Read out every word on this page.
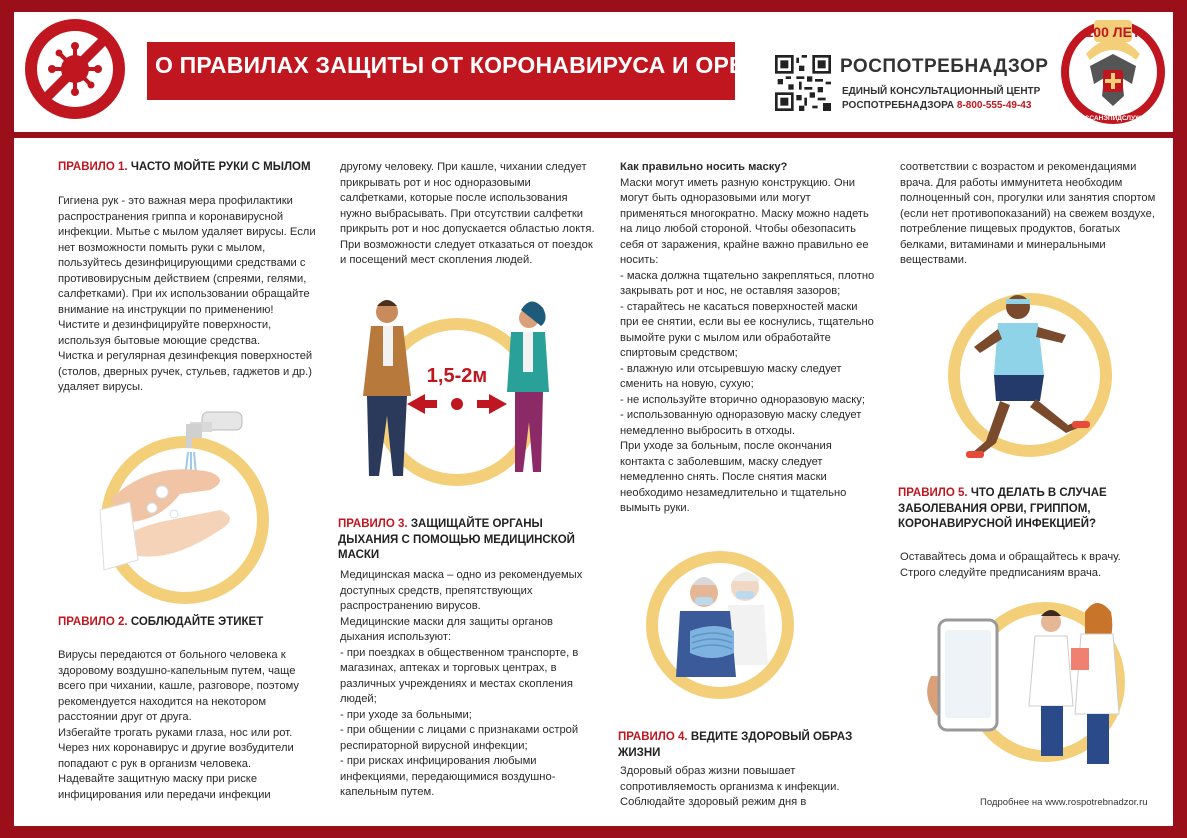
О ПРАВИЛАХ ЗАЩИТЫ ОТ КОРОНАВИРУСА И ОРВИ	РОСПОТРЕБНАДЗОР
ЕДИНЫЙ КОНСУЛЬТАЦИОННЫЙ ЦЕНТР
РОСПОТРЕБНАДЗОРА 8-800-555-49-43
100 ЛЕТ
ГОССАНЭПИДСЛУЖБА
ПРАВИЛО 1. ЧАСТО МОЙТЕ РУКИ С МЫЛОМ

Гигиена рук - это важная мера профилактики распространения гриппа и коронавирусной инфекции. Мытье с мылом удаляет вирусы. Если нет возможности помыть руки с мылом, пользуйтесь дезинфицирующими средствами с противовирусным действием (спреями, гелями, салфетками). При их использовании обращайте внимание на инструкции по применению! Чистите и дезинфицируйте поверхности, используя бытовые моющие средства.

Чистка и регулярная дезинфекция поверхностей (столов, дверных ручек, стульев, гаджетов и др.) удаляет вирусы.

ПРАВИЛО 2. СОБЛЮДАЙТЕ ЭТИКЕТ

Вирусы передаются от больного человека к здоровому воздушно-капельным путем, чаще всего при чихании, кашле, разговоре, поэтому рекомендуется находится на некотором расстоянии друг от друга.

Избегайте трогать руками глаза, нос или рот. Через них коронавирус и другие возбудители попадают с рук в организм человека.

Надевайте защитную маску при риске инфицирования или передачи инфекции

другому человеку. При кашле, чихании следует прикрывать рот и нос одноразовыми салфетками, которые после использования нужно выбрасывать. При отсутствии салфетки прикрыть рот и нос допускается областью локтя. При возможности следует отказаться от поездок и посещений мест скопления людей.

1,5-2м
ПРАВИЛО 3. ЗАЩИЩАЙТЕ ОРГАНЫ ДЫХАНИЯ С ПОМОЩЬЮ МЕДИЦИНСКОЙ МАСКИ

Медицинская маска – одно из рекомендуемых доступных средств, препятствующих распространению вирусов.

Медицинские маски для защиты органов дыхания используют:

- при поездках в общественном транспорте, в магазинах, аптеках и торговых центрах, в различных учреждениях и местах скопления людей;

- при уходе за больными;

- при общении с лицами с признаками острой респираторной вирусной инфекции;

- при рисках инфицирования любыми инфекциями, передающимися воздушно-капельным путем.

Как правильно носить маску?

Маски могут иметь разную конструкцию. Они могут быть одноразовыми или могут применяться многократно. Маску можно надеть на лицо любой стороной. Чтобы обезопасить себя от заражения, крайне важно правильно ее носить:

- маска должна тщательно закрепляться, плотно закрывать рот и нос, не оставляя зазоров;

- старайтесь не касаться поверхностей маски при ее снятии, если вы ее коснулись, тщательно вымойте руки с мылом или обработайте спиртовым средством;

- влажную или отсыревшую маску следует сменить на новую, сухую;

- не используйте вторично одноразовую маску;

- использованную одноразовую маску следует немедленно выбросить в отходы.

При уходе за больным, после окончания контакта с заболевшим, маску следует немедленно снять. После снятия маски необходимо незамедлительно и тщательно вымыть руки.

ПРАВИЛО 4. ВЕДИТЕ ЗДОРОВЫЙ ОБРАЗ ЖИЗНИ

Здоровый образ жизни повышает сопротивляемость организма к инфекции. Соблюдайте здоровый режим дня в

соответствии с возрастом и рекомендациями врача. Для работы иммунитета необходим полноценный сон, прогулки или занятия спортом (если нет противопоказаний) на свежем воздухе, потребление пищевых продуктов, богатых белками, витаминами и минеральными веществами.

ПРАВИЛО 5. ЧТО ДЕЛАТЬ В СЛУЧАЕ ЗАБОЛЕВАНИЯ ОРВИ, ГРИППОМ, КОРОНАВИРУСНОЙ ИНФЕКЦИЕЙ?

Оставайтесь дома и обращайтесь к врачу.

Строго следуйте предписаниям врача.

Подробнее на www.rospotrebnadzor.ru
